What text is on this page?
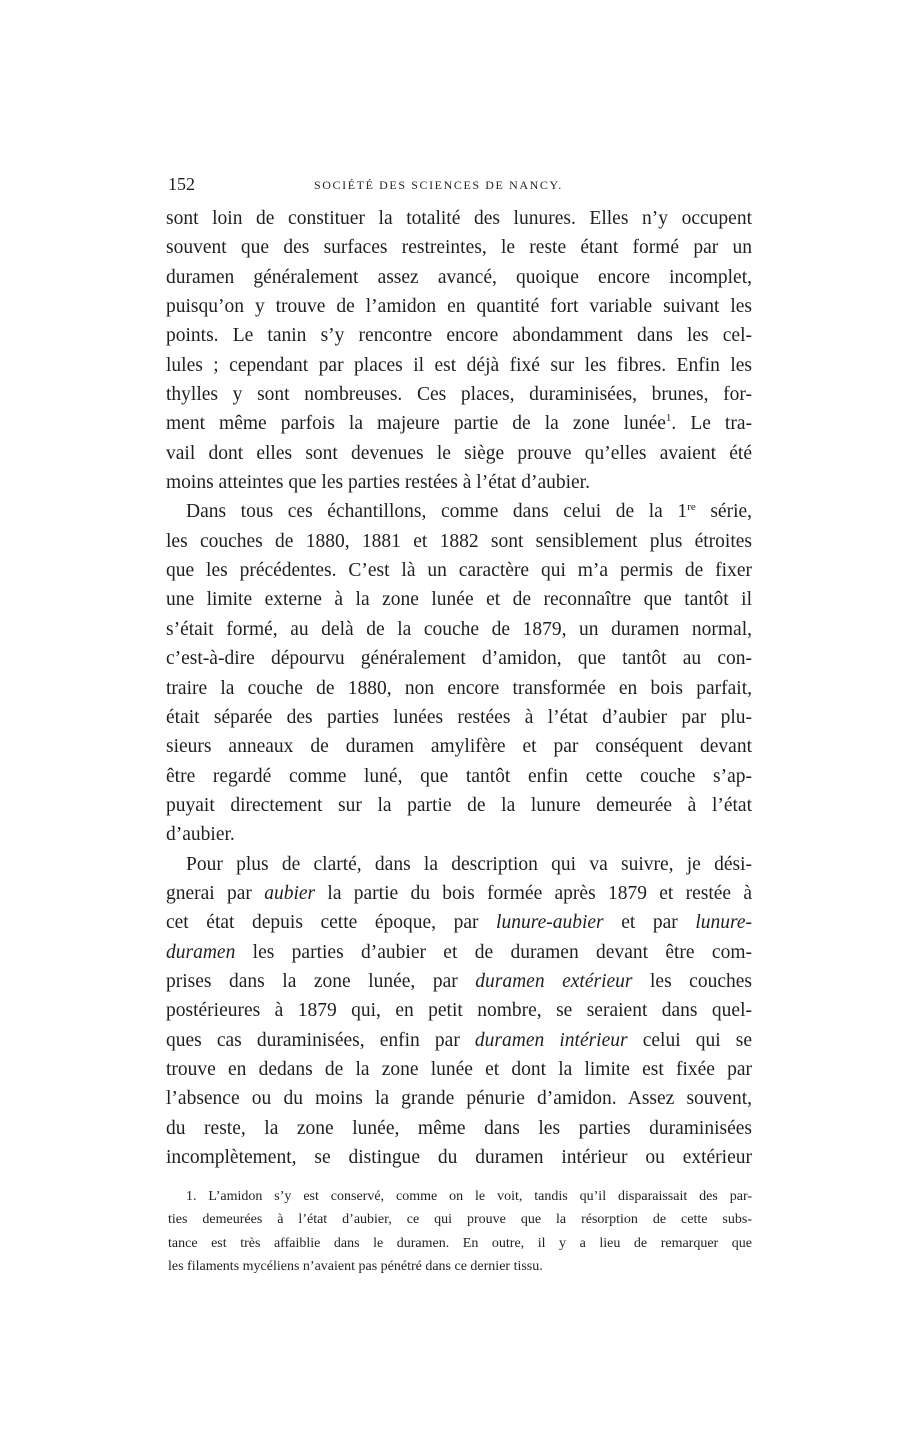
152	SOCIÉTÉ DES SCIENCES DE NANCY.
sont loin de constituer la totalité des lunures. Elles n’y occupent
souvent que des surfaces restreintes, le reste étant formé par un
duramen généralement assez avancé, quoique encore incomplet,
puisqu’on y trouve de l’amidon en quantité fort variable suivant les
points. Le tanin s’y rencontre encore abondamment dans les cel-
lules ; cependant par places il est déjà fixé sur les fibres. Enfin les
thylles y sont nombreuses. Ces places, duraminisées, brunes, for-
ment même parfois la majeure partie de la zone lunée$^1$. Le tra-
vail dont elles sont devenues le siège prouve qu’elles avaient été
moins atteintes que les parties restées à l’état d’aubier.
Dans tous ces échantillons, comme dans celui de la 1re série,
les couches de 1880, 1881 et 1882 sont sensiblement plus étroites
que les précédentes. C’est là un caractère qui m’a permis de fixer
une limite externe à la zone lunée et de reconnaître que tantôt il
s’était formé, au delà de la couche de 1879, un duramen normal,
c’est-à-dire dépourvu généralement d’amidon, que tantôt au con-
traire la couche de 1880, non encore transformée en bois parfait,
était séparée des parties lunées restées à l’état d’aubier par plu-
sieurs anneaux de duramen amylifère et par conséquent devant
être regardé comme luné, que tantôt enfin cette couche s’ap-
puyait directement sur la partie de la lunure demeurée à l’état
d’aubier.
Pour plus de clarté, dans la description qui va suivre, je dési-
gnerai par aubier la partie du bois formée après 1879 et restée à
cet état depuis cette époque, par lunure-aubier et par lunure-
duramen les parties d’aubier et de duramen devant être com-
prises dans la zone lunée, par duramen extérieur les couches
postérieures à 1879 qui, en petit nombre, se seraient dans quel-
ques cas duraminisées, enfin par duramen intérieur celui qui se
trouve en dedans de la zone lunée et dont la limite est fixée par
l’absence ou du moins la grande pénurie d’amidon. Assez souvent,
du reste, la zone lunée, même dans les parties duraminisées
incomplètement, se distingue du duramen intérieur ou extérieur
1. L’amidon s’y est conservé, comme on le voit, tandis qu’il disparaissait des par-
ties demeurées à l’état d’aubier, ce qui prouve que la résorption de cette subs-
tance est très affaiblie dans le duramen. En outre, il y a lieu de remarquer que
les filaments mycéliens n’avaient pas pénétré dans ce dernier tissu.
